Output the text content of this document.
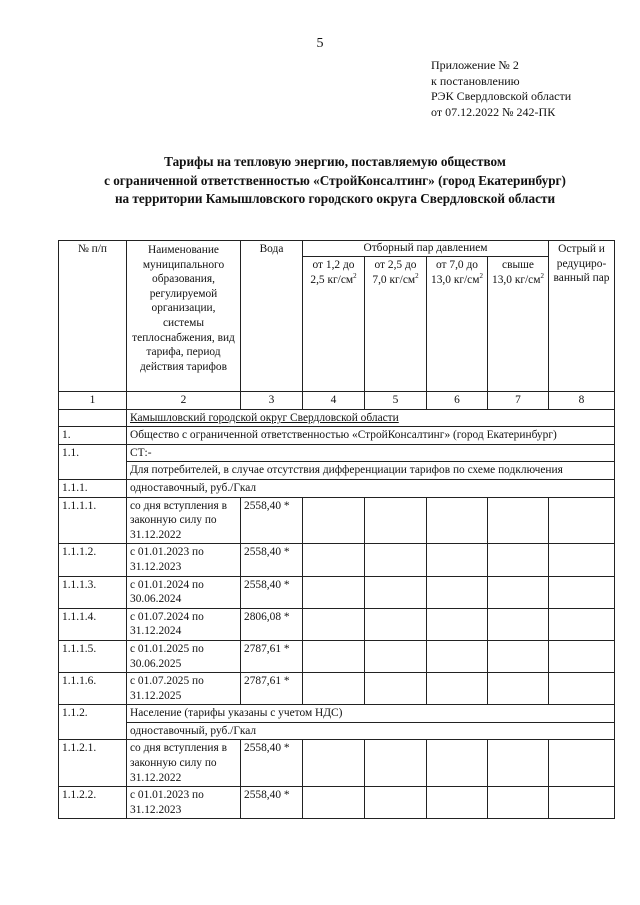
5
Приложение № 2
к постановлению
РЭК Свердловской области
от 07.12.2022 № 242-ПК
Тарифы на тепловую энергию, поставляемую обществом
с ограниченной ответственностью «СтройКонсалтинг» (город Екатеринбург)
на территории Камышловского городского округа Свердловской области
№ п/п	Наименование муниципального образования, регулируемой организации, системы теплоснабжения, вид тарифа, период действия тарифов	Вода	Отборный пар давлением				Острый и редуциро-ванный пар
			от 1,2 до 2,5 $кг/см^2$	от 2,5 до 7,0 $кг/см^2$	от 7,0 до 13,0 $кг/см^2$	свыше 13,0 $кг/см^2$
1	2	3	4	5	6	7	8
	Камышловский городской округ Свердловской области						
1.	Общество с ограниченной ответственностью «СтройКонсалтинг» (город Екатеринбург)						
1.1.	СТ:-						
	Для потребителей, в случае отсутствия дифференциации тарифов по схеме подключения						
1.1.1.	одноставочный, руб./Гкал						
1.1.1.1.	со дня вступления в законную силу по 31.12.2022	2558,40 *					
1.1.1.2.	с 01.01.2023 по 31.12.2023	2558,40 *					
1.1.1.3.	с 01.01.2024 по 30.06.2024	2558,40 *					
1.1.1.4.	с 01.07.2024 по 31.12.2024	2806,08 *					
1.1.1.5.	с 01.01.2025 по 30.06.2025	2787,61 *					
1.1.1.6.	с 01.07.2025 по 31.12.2025	2787,61 *					
1.1.2.	Население (тарифы указаны с учетом НДС)						
	одноставочный, руб./Гкал						
1.1.2.1.	со дня вступления в законную силу по 31.12.2022	2558,40 *					
1.1.2.2.	с 01.01.2023 по 31.12.2023	2558,40 *					
